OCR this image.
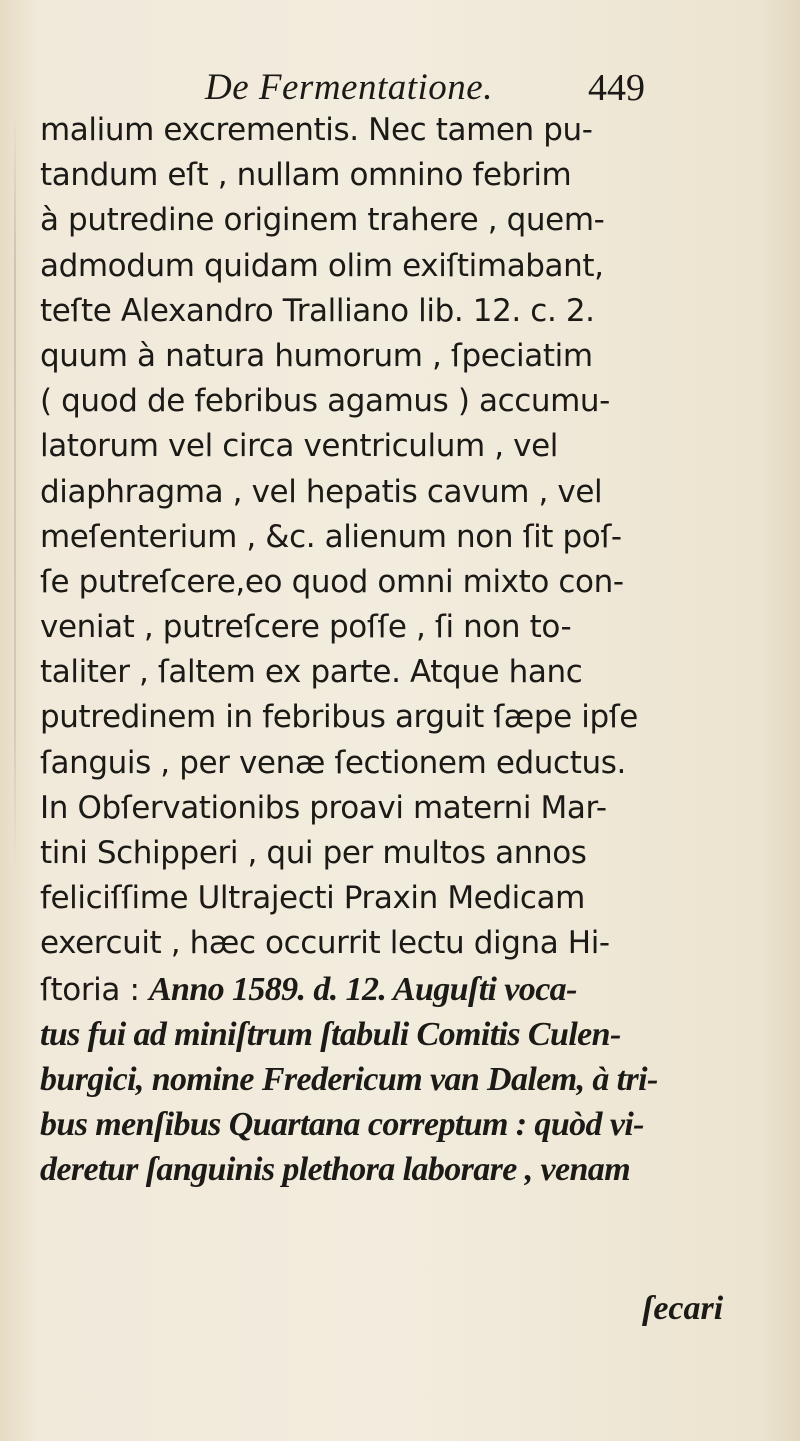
De Fermentatione.	449
malium excrementis. Nec tamen pu-
tandum eſt , nullam omnino febrim
à putredine originem trahere , quem-
admodum quidam olim exiſtimabant,
teſte Alexandro Tralliano lib. 12. c. 2.
quum à natura humorum , ſpeciatim
( quod de febribus agamus ) accumu-
latorum vel circa ventriculum , vel
diaphragma , vel hepatis cavum , vel
meſenterium , &c. alienum non ſit poſ-
ſe putreſcere,eo quod omni mixto con-
veniat , putreſcere poſſe , ſi non to-
taliter , ſaltem ex parte. Atque hanc
putredinem in febribus arguit ſæpe ipſe
ſanguis , per venæ ſectionem eductus.
In Obſervationibs proavi materni Mar-
tini Schipperi , qui per multos annos
feliciſſime Ultrajecti Praxin Medicam
exercuit , hæc occurrit lectu digna Hi-
ſtoria : Anno 1589. d. 12. Auguſti voca-
tus fui ad miniſtrum ſtabuli Comitis Culen-
burgici, nomine Fredericum van Dalem, à tri-
bus menſibus Quartana correptum : quòd vi-
deretur ſanguinis plethora laborare , venam
ſecari
